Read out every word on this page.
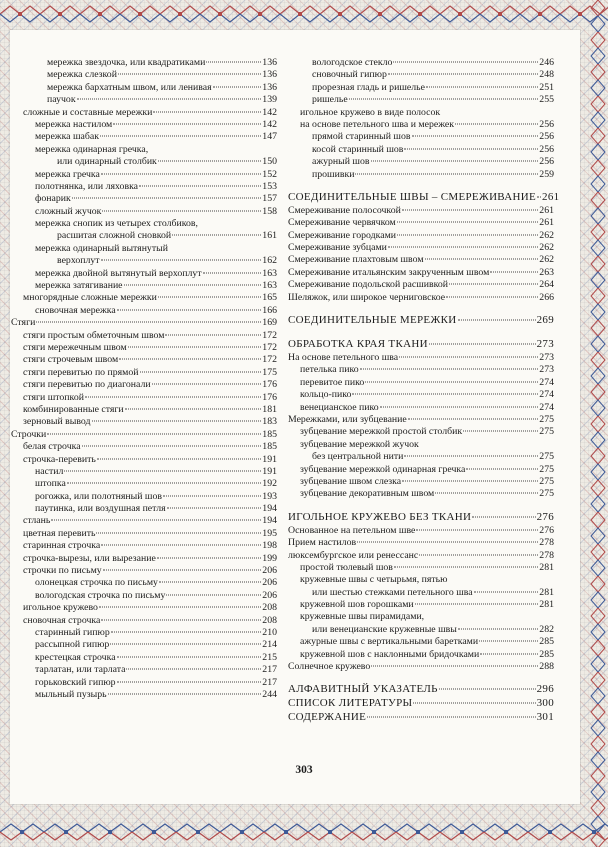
мережка звездочка, или квадратиками	136
мережка слезкой	136
мережка бархатным швом, или ленивая	136
паучок	139
сложные и составные мережки	142
мережка настилом	142
мережка шабак	147
мережка одинарная гречка,
или одинарный столбик	150
мережка гречка	152
полотнянка, или ляховка	153
фонарик	157
сложный жучок	158
мережка снопик из четырех столбиков,
расшитая сложной сновкой	161
мережка одинарный вытянутый
верхоплут	162
мережка двойной вытянутый верхоплут	163
мережка затягивание	163
многорядные сложные мережки	165
сновочная мережка	166
Стяги	169
стяги простым обметочным швом	172
стяги мережечным швом	172
стяги строчевым швом	172
стяги перевитью по прямой	175
стяги перевитью по диагонали	176
стяги штопкой	176
комбинированные стяги	181
зерновый вывод	183
Строчки	185
белая строчка	185
строчка-перевить	191
настил	191
штопка	192
рогожка, или полотняный шов	193
паутинка, или воздушная петля	194
стлань	194
цветная перевить	195
старинная строчка	198
строчка-вырезы, или вырезание	199
строчки по письму	206
олонецкая строчка по письму	206
вологодская строчка по письму	206
игольное кружево	208
сновочная строчка	208
старинный гипюр	210
рассыпной гипюр	214
крестецкая строчка	215
тарлатан, или тарлата	217
горьковский гипюр	217
мыльный пузырь	244
вологодское стекло	246
сновочный гипюр	248
прорезная гладь и ришелье	251
ришелье	255
игольное кружево в виде полосок
на основе петельного шва и мережек	256
прямой старинный шов	256
косой старинный шов	256
ажурный шов	256
прошивки	259
СОЕДИНИТЕЛЬНЫЕ ШВЫ – СМЕРЕЖИВАНИЕ 261
Смереживание полосочкой	261
Смереживание червячком	261
Смереживание городками	262
Смереживание зубцами	262
Смереживание плахтовым швом	262
Смереживание итальянским закрученным швом	263
Смереживание подольской расшивкой	264
Шеляжок, или широкое черниговское	266
СОЕДИНИТЕЛЬНЫЕ МЕРЕЖКИ	269
ОБРАБОТКА КРАЯ ТКАНИ	273
На основе петельного шва	273
петелька пико	273
перевитое пико	274
кольцо-пико	274
венецианское пико	274
Мережками, или зубцевание	275
зубцевание мережкой простой столбик	275
зубцевание мережкой жучок
без центральной нити	275
зубцевание мережкой одинарная гречка	275
зубцевание швом слезка	275
зубцевание декоративным швом	275
ИГОЛЬНОЕ КРУЖЕВО БЕЗ ТКАНИ	276
Основанное на петельном шве	276
Прием настилов	278
люксембургское или ренессанс	278
простой тюлевый шов	281
кружевные швы с четырьмя, пятью
или шестью стежками петельного шва	281
кружевной шов горошками	281
кружевные швы пирамидами,
или венецианские кружевные швы	282
ажурные швы с вертикальными баретками	285
кружевной шов с наклонными бридочками	285
Солнечное кружево	288
АЛФАВИТНЫЙ УКАЗАТЕЛЬ	296
СПИСОК ЛИТЕРАТУРЫ	300
СОДЕРЖАНИЕ	301
303
